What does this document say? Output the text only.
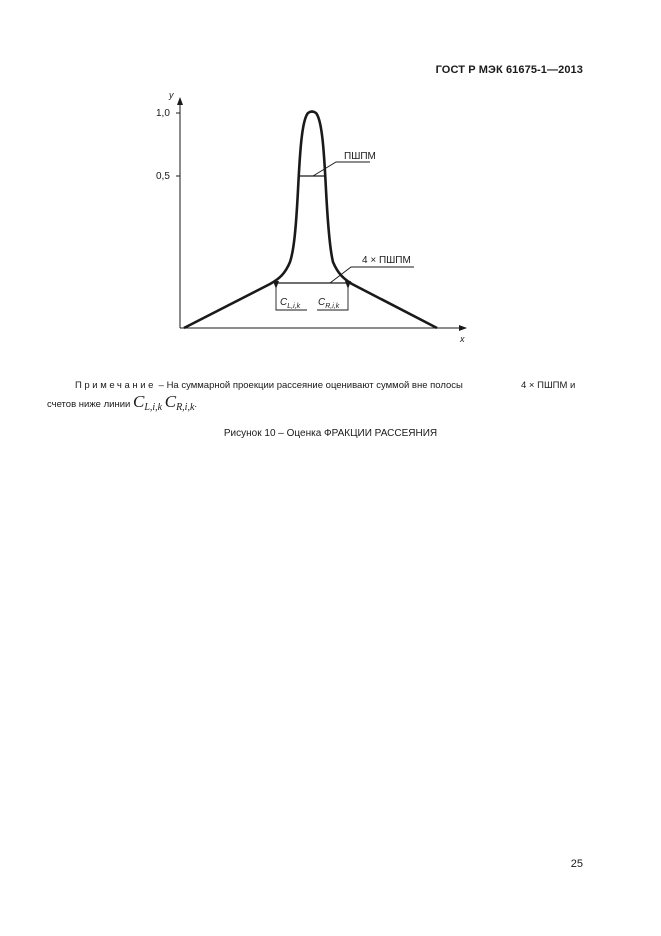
ГОСТ Р МЭК 61675-1—2013
y
x
1,0
0,5
ПШПМ
4 × ПШПМ
$C_{L,i,k}$ $C_{R,i,k}$
Примечание – На суммарной проекции рассеяние оценивают суммой вне полосы	4 × ПШПМ и
счетов ниже линии $C_{L,i,k}$ $C_{R,i,k}$.
Рисунок 10 – Оценка ФРАКЦИИ РАССЕЯНИЯ
25
